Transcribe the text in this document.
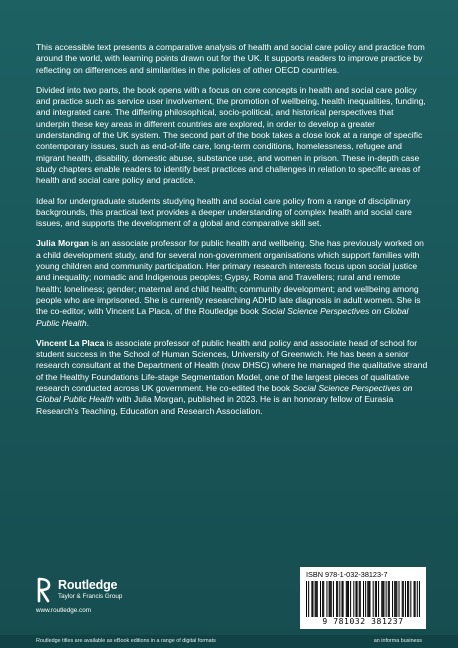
This accessible text presents a comparative analysis of health and social care policy and practice from around the world, with learning points drawn out for the UK. It supports readers to improve practice by reflecting on differences and similarities in the policies of other OECD countries.

Divided into two parts, the book opens with a focus on core concepts in health and social care policy and practice such as service user involvement, the promotion of wellbeing, health inequalities, funding, and integrated care. The differing philosophical, socio-political, and historical perspectives that underpin these key areas in different countries are explored, in order to develop a greater understanding of the UK system. The second part of the book takes a close look at a range of specific contemporary issues, such as end-of-life care, long-term conditions, homelessness, refugee and migrant health, disability, domestic abuse, substance use, and women in prison. These in-depth case study chapters enable readers to identify best practices and challenges in relation to specific areas of health and social care policy and practice.

Ideal for undergraduate students studying health and social care policy from a range of disciplinary backgrounds, this practical text provides a deeper understanding of complex health and social care issues, and supports the development of a global and comparative skill set.

Julia Morgan is an associate professor for public health and wellbeing. She has previously worked on a child development study, and for several non-government organisations which support families with young children and community participation. Her primary research interests focus upon social justice and inequality; nomadic and Indigenous peoples; Gypsy, Roma and Travellers; rural and remote health; loneliness; gender; maternal and child health; community development; and wellbeing among people who are imprisoned. She is currently researching ADHD late diagnosis in adult women. She is the co-editor, with Vincent La Placa, of the Routledge book Social Science Perspectives on Global Public Health.

Vincent La Placa is associate professor of public health and policy and associate head of school for student success in the School of Human Sciences, University of Greenwich. He has been a senior research consultant at the Department of Health (now DHSC) where he managed the qualitative strand of the Healthy Foundations Life-stage Segmentation Model, one of the largest pieces of qualitative research conducted across UK government. He co-edited the book Social Science Perspectives on Global Public Health with Julia Morgan, published in 2023. He is an honorary fellow of Eurasia Research's Teaching, Education and Research Association.

Routledge
Taylor & Francis Group
www.routledge.com
ISBN 978-1-032-38123-7
9 781032 381237
Routledge titles are available as eBook editions in a range of digital formats	an informa business
